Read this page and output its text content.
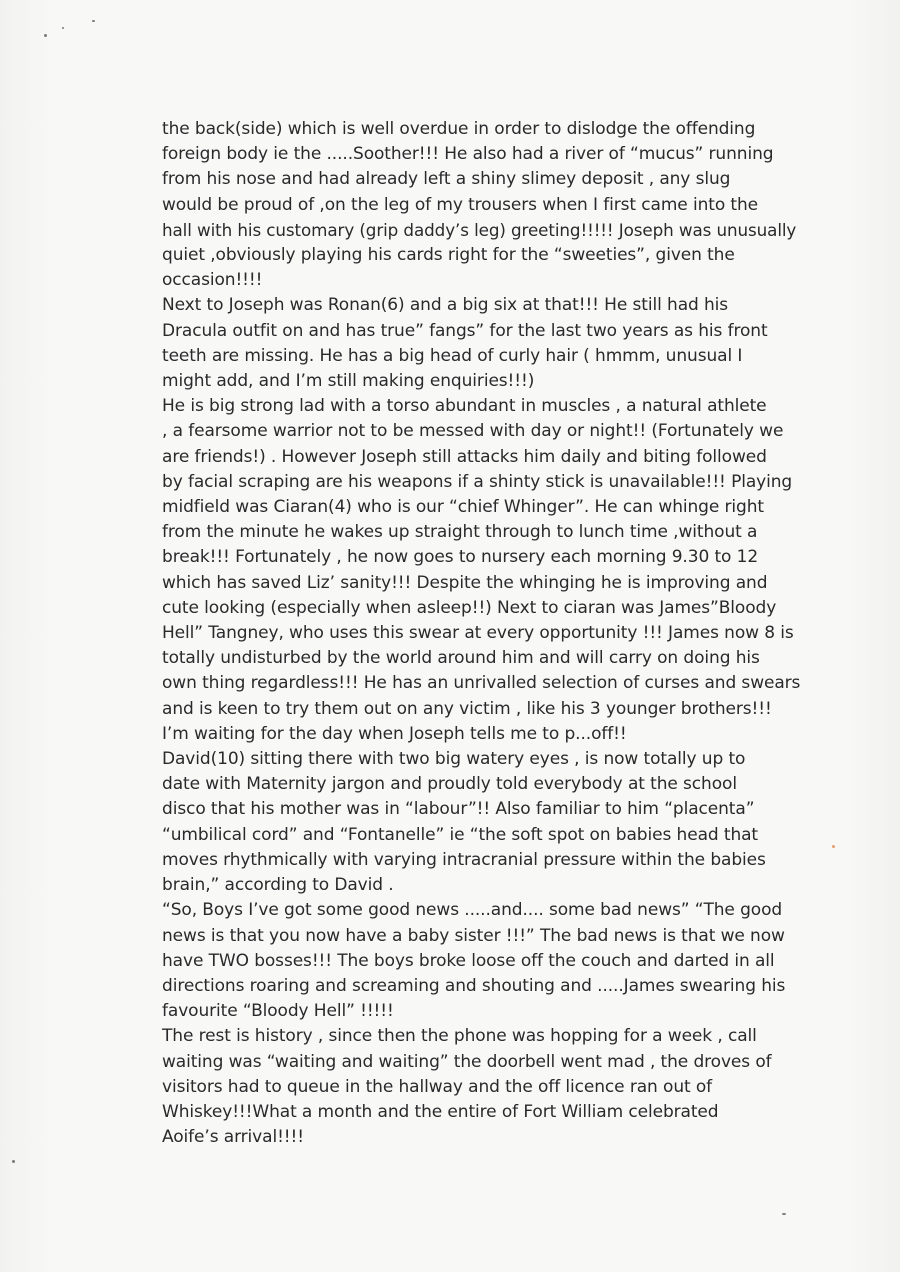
the back(side) which is well overdue in order to dislodge the offending
foreign body ie the .....Soother!!! He also had a river of “mucus” running
from his nose and had already left a shiny slimey deposit , any slug
would be proud of ,on the leg of my trousers when I first came into the
hall with his customary (grip daddy’s leg) greeting!!!!! Joseph was unusually
quiet ,obviously playing his cards right for the “sweeties”, given the
occasion!!!!
Next to Joseph was Ronan(6) and a big six at that!!! He still had his
Dracula outfit on and has true” fangs” for the last two years as his front
teeth are missing. He has a big head of curly hair ( hmmm, unusual I
might add, and I’m still making enquiries!!!)
He is big strong lad with a torso abundant in muscles , a natural athlete
, a fearsome warrior not to be messed with day or night!! (Fortunately we
are friends!) . However Joseph still attacks him daily and biting followed
by facial scraping are his weapons if a shinty stick is unavailable!!! Playing
midfield was Ciaran(4) who is our “chief Whinger”. He can whinge right
from the minute he wakes up straight through to lunch time ,without a
break!!! Fortunately , he now goes to nursery each morning 9.30 to 12
which has saved Liz’ sanity!!! Despite the whinging he is improving and
cute looking (especially when asleep!!) Next to ciaran was James”Bloody
Hell” Tangney, who uses this swear at every opportunity !!! James now 8 is
totally undisturbed by the world around him and will carry on doing his
own thing regardless!!! He has an unrivalled selection of curses and swears
and is keen to try them out on any victim , like his 3 younger brothers!!!
I’m waiting for the day when Joseph tells me to p...off!!
David(10) sitting there with two big watery eyes , is now totally up to
date with Maternity jargon and proudly told everybody at the school
disco that his mother was in “labour”!! Also familiar to him “placenta”
“umbilical cord” and “Fontanelle” ie “the soft spot on babies head that
moves rhythmically with varying intracranial pressure within the babies
brain,” according to David .
“So, Boys I’ve got some good news .....and.... some bad news” “The good
news is that you now have a baby sister !!!” The bad news is that we now
have TWO bosses!!! The boys broke loose off the couch and darted in all
directions roaring and screaming and shouting and .....James swearing his
favourite “Bloody Hell” !!!!!
The rest is history , since then the phone was hopping for a week , call
waiting was “waiting and waiting” the doorbell went mad , the droves of
visitors had to queue in the hallway and the off licence ran out of
Whiskey!!!What a month and the entire of Fort William celebrated
Aoife’s arrival!!!!
